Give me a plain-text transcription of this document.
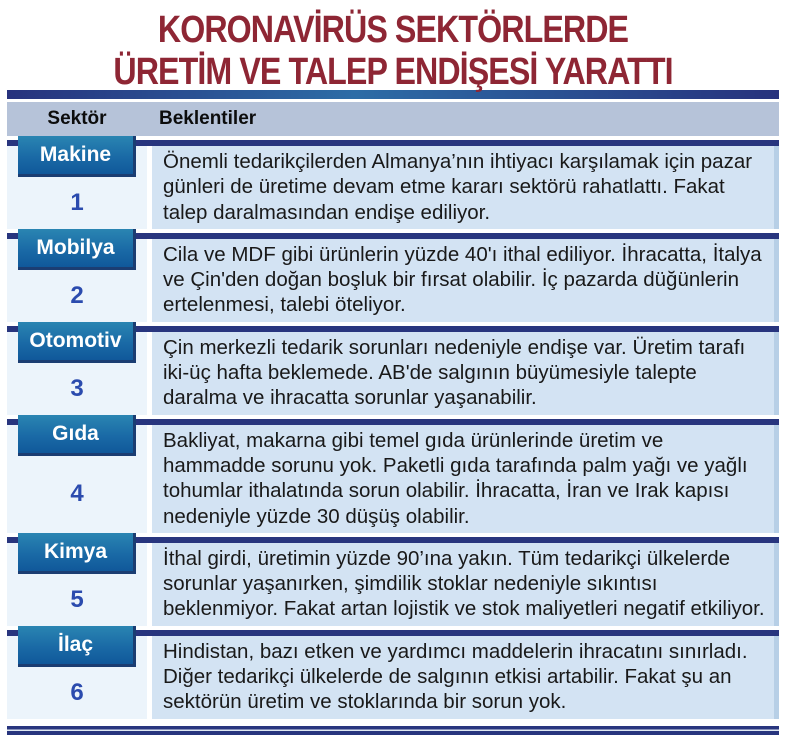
KORONAVİRÜS SEKTÖRLERDE
ÜRETİM VE TALEP ENDİŞESİ YARATTI
Sektör	Beklentiler
Makine
1

Önemli tedarikçilerden Almanya’nın ihtiyacı karşılamak için pazar günleri de üretime devam etme kararı sektörü rahatlattı. Fakat talep daralmasından endişe ediliyor.

Mobilya
2

Cila ve MDF gibi ürünlerin yüzde 40'ı ithal ediliyor. İhracatta, İtalya ve Çin'den doğan boşluk bir fırsat olabilir. İç pazarda düğünlerin ertelenmesi, talebi öteliyor.

Otomotiv
3

Çin merkezli tedarik sorunları nedeniyle endişe var. Üretim tarafı iki-üç hafta beklemede. AB'de salgının büyümesiyle talepte daralma ve ihracatta sorunlar yaşanabilir.

Gıda
4

Bakliyat, makarna gibi temel gıda ürünlerinde üretim ve hammadde sorunu yok. Paketli gıda tarafında palm yağı ve yağlı tohumlar ithalatında sorun olabilir. İhracatta, İran ve Irak kapısı nedeniyle yüzde 30 düşüş olabilir.

Kimya
5

İthal girdi, üretimin yüzde 90’ına yakın. Tüm tedarikçi ülkelerde sorunlar yaşanırken, şimdilik stoklar nedeniyle sıkıntısı beklenmiyor. Fakat artan lojistik ve stok maliyetleri negatif etkiliyor.

İlaç
6

Hindistan, bazı etken ve yardımcı maddelerin ihracatını sınırladı. Diğer tedarikçi ülkelerde de salgının etkisi artabilir. Fakat şu an sektörün üretim ve stoklarında bir sorun yok.
